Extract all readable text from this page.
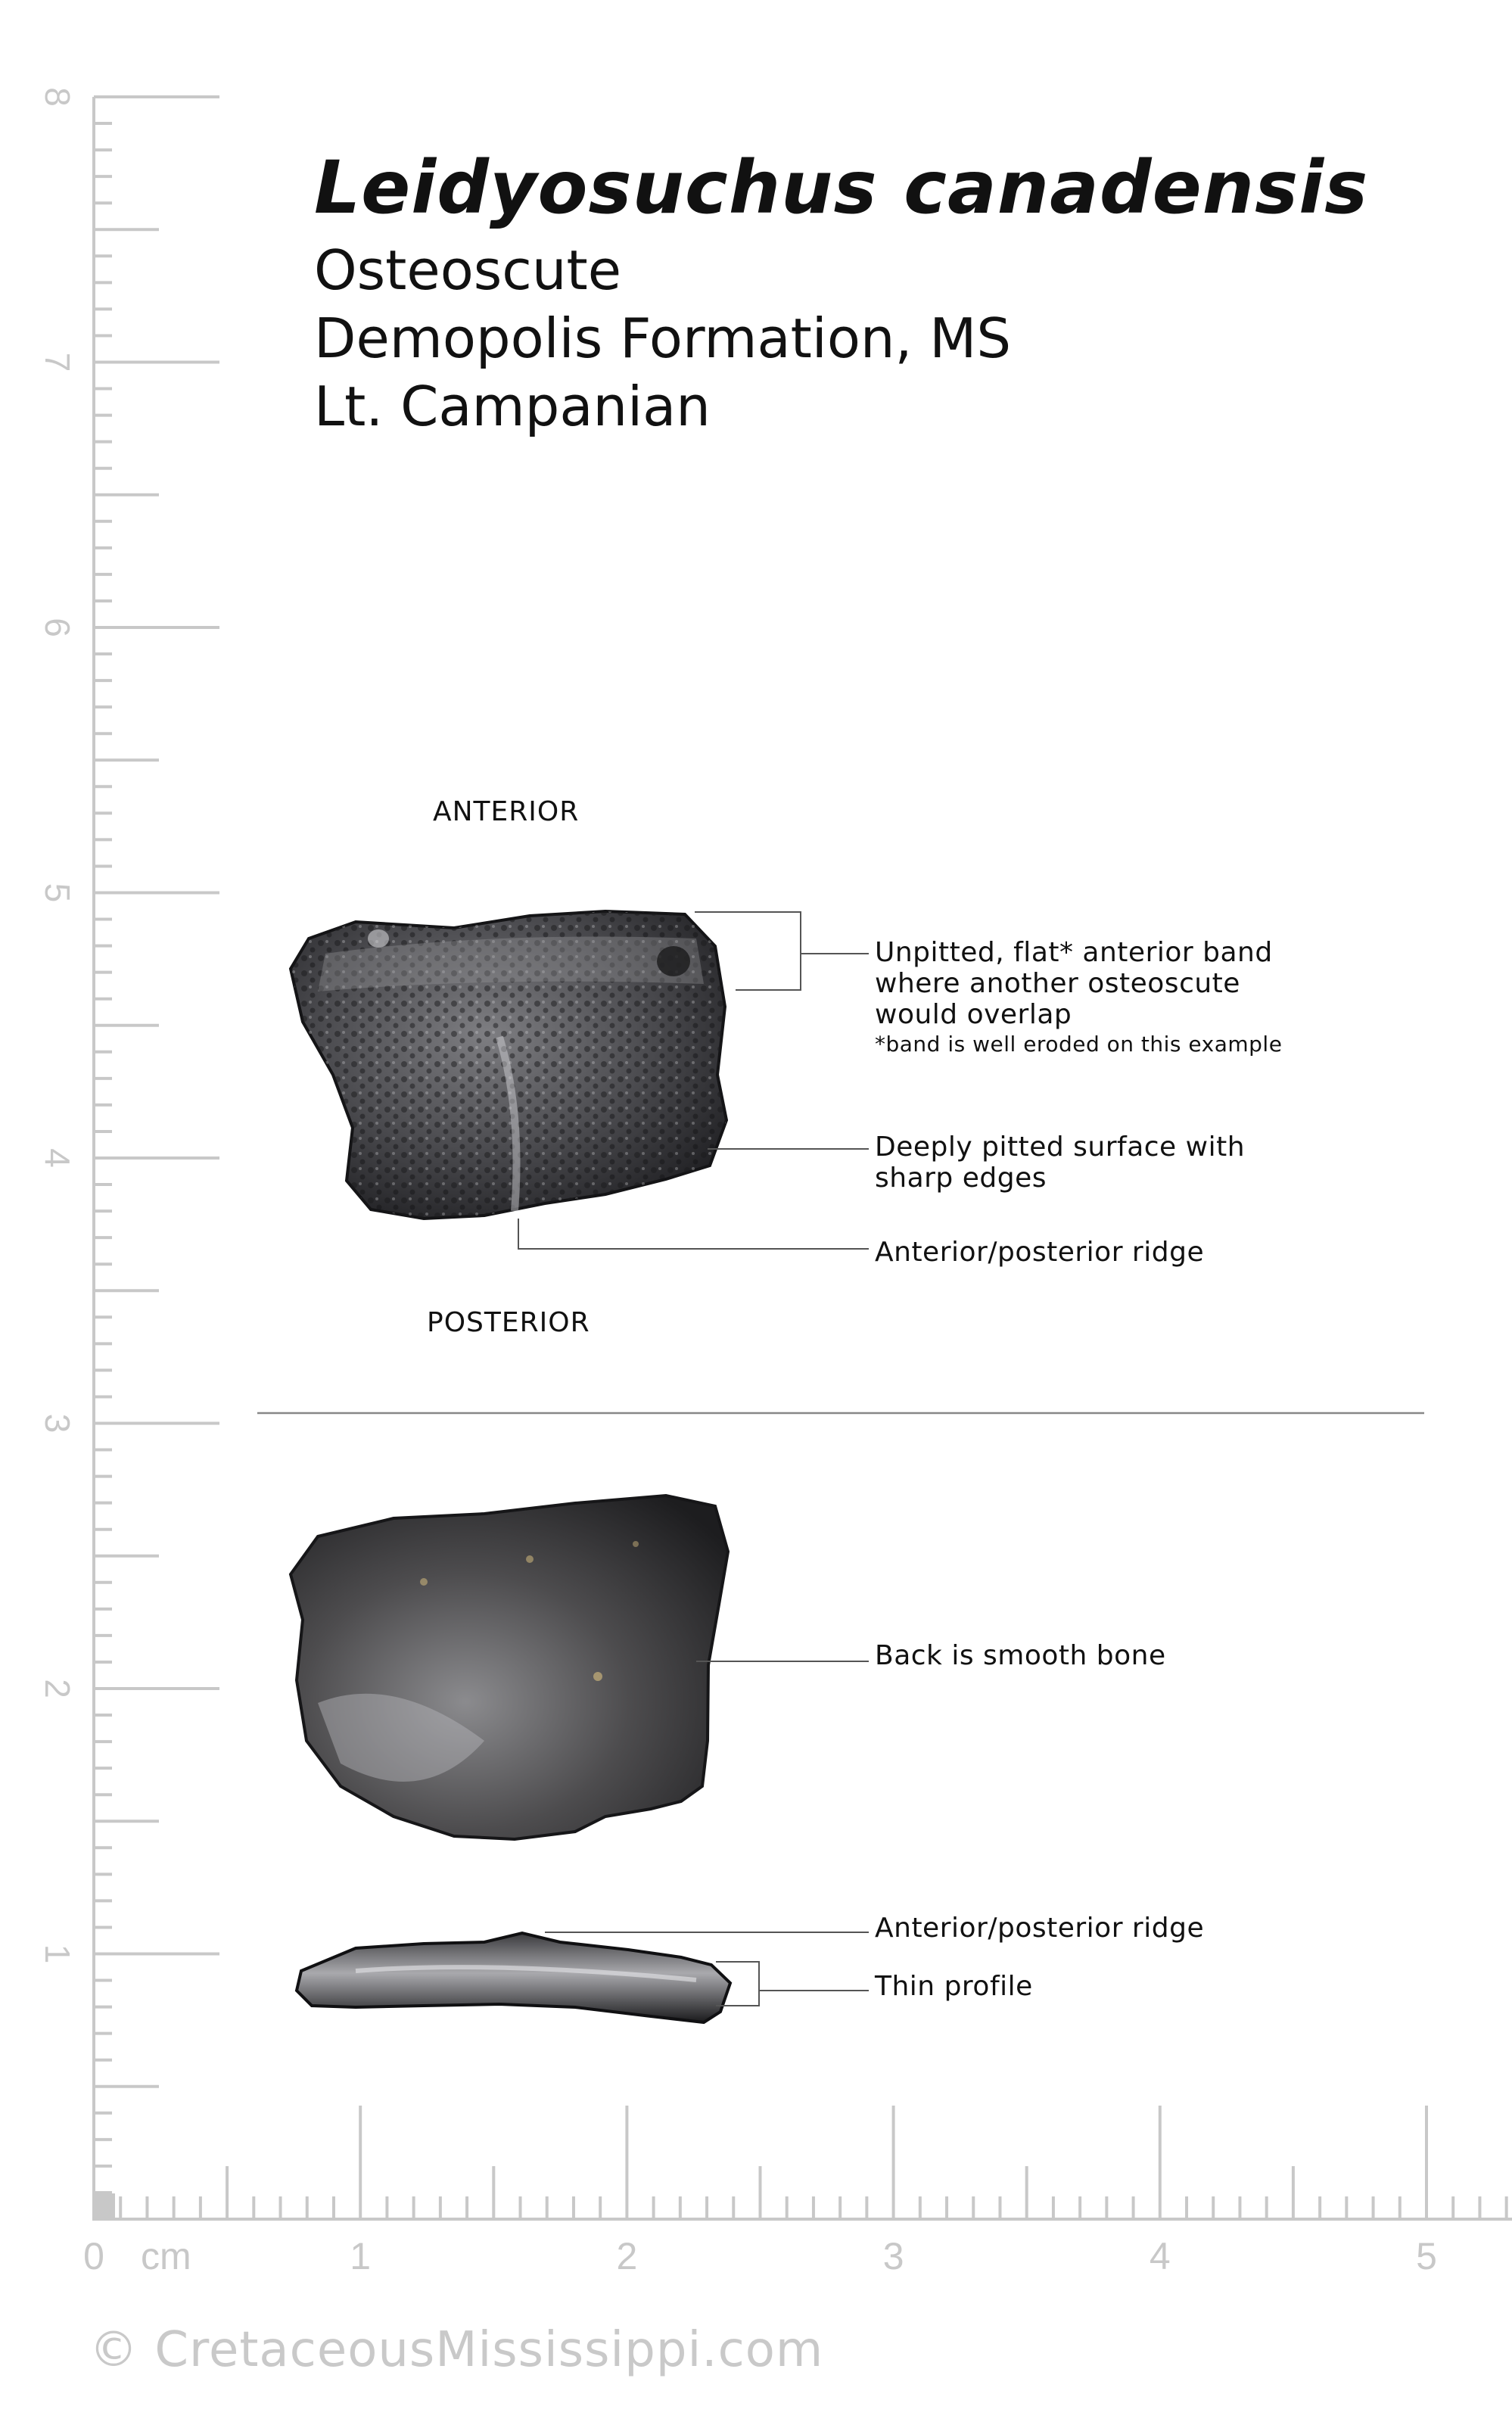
1
2
3
4
5
6
7
8
0	1	2	3	4	5
cm
Leidyosuchus canadensis
Osteoscute
Demopolis Formation, MS
Lt. Campanian
ANTERIOR
POSTERIOR
Unpitted, flat* anterior band
where another osteoscute
would overlap
*band is well eroded on this example
Deeply pitted surface with
sharp edges
Anterior/posterior ridge
Back is smooth bone
Anterior/posterior ridge
Thin profile
© CretaceousMississippi.com
